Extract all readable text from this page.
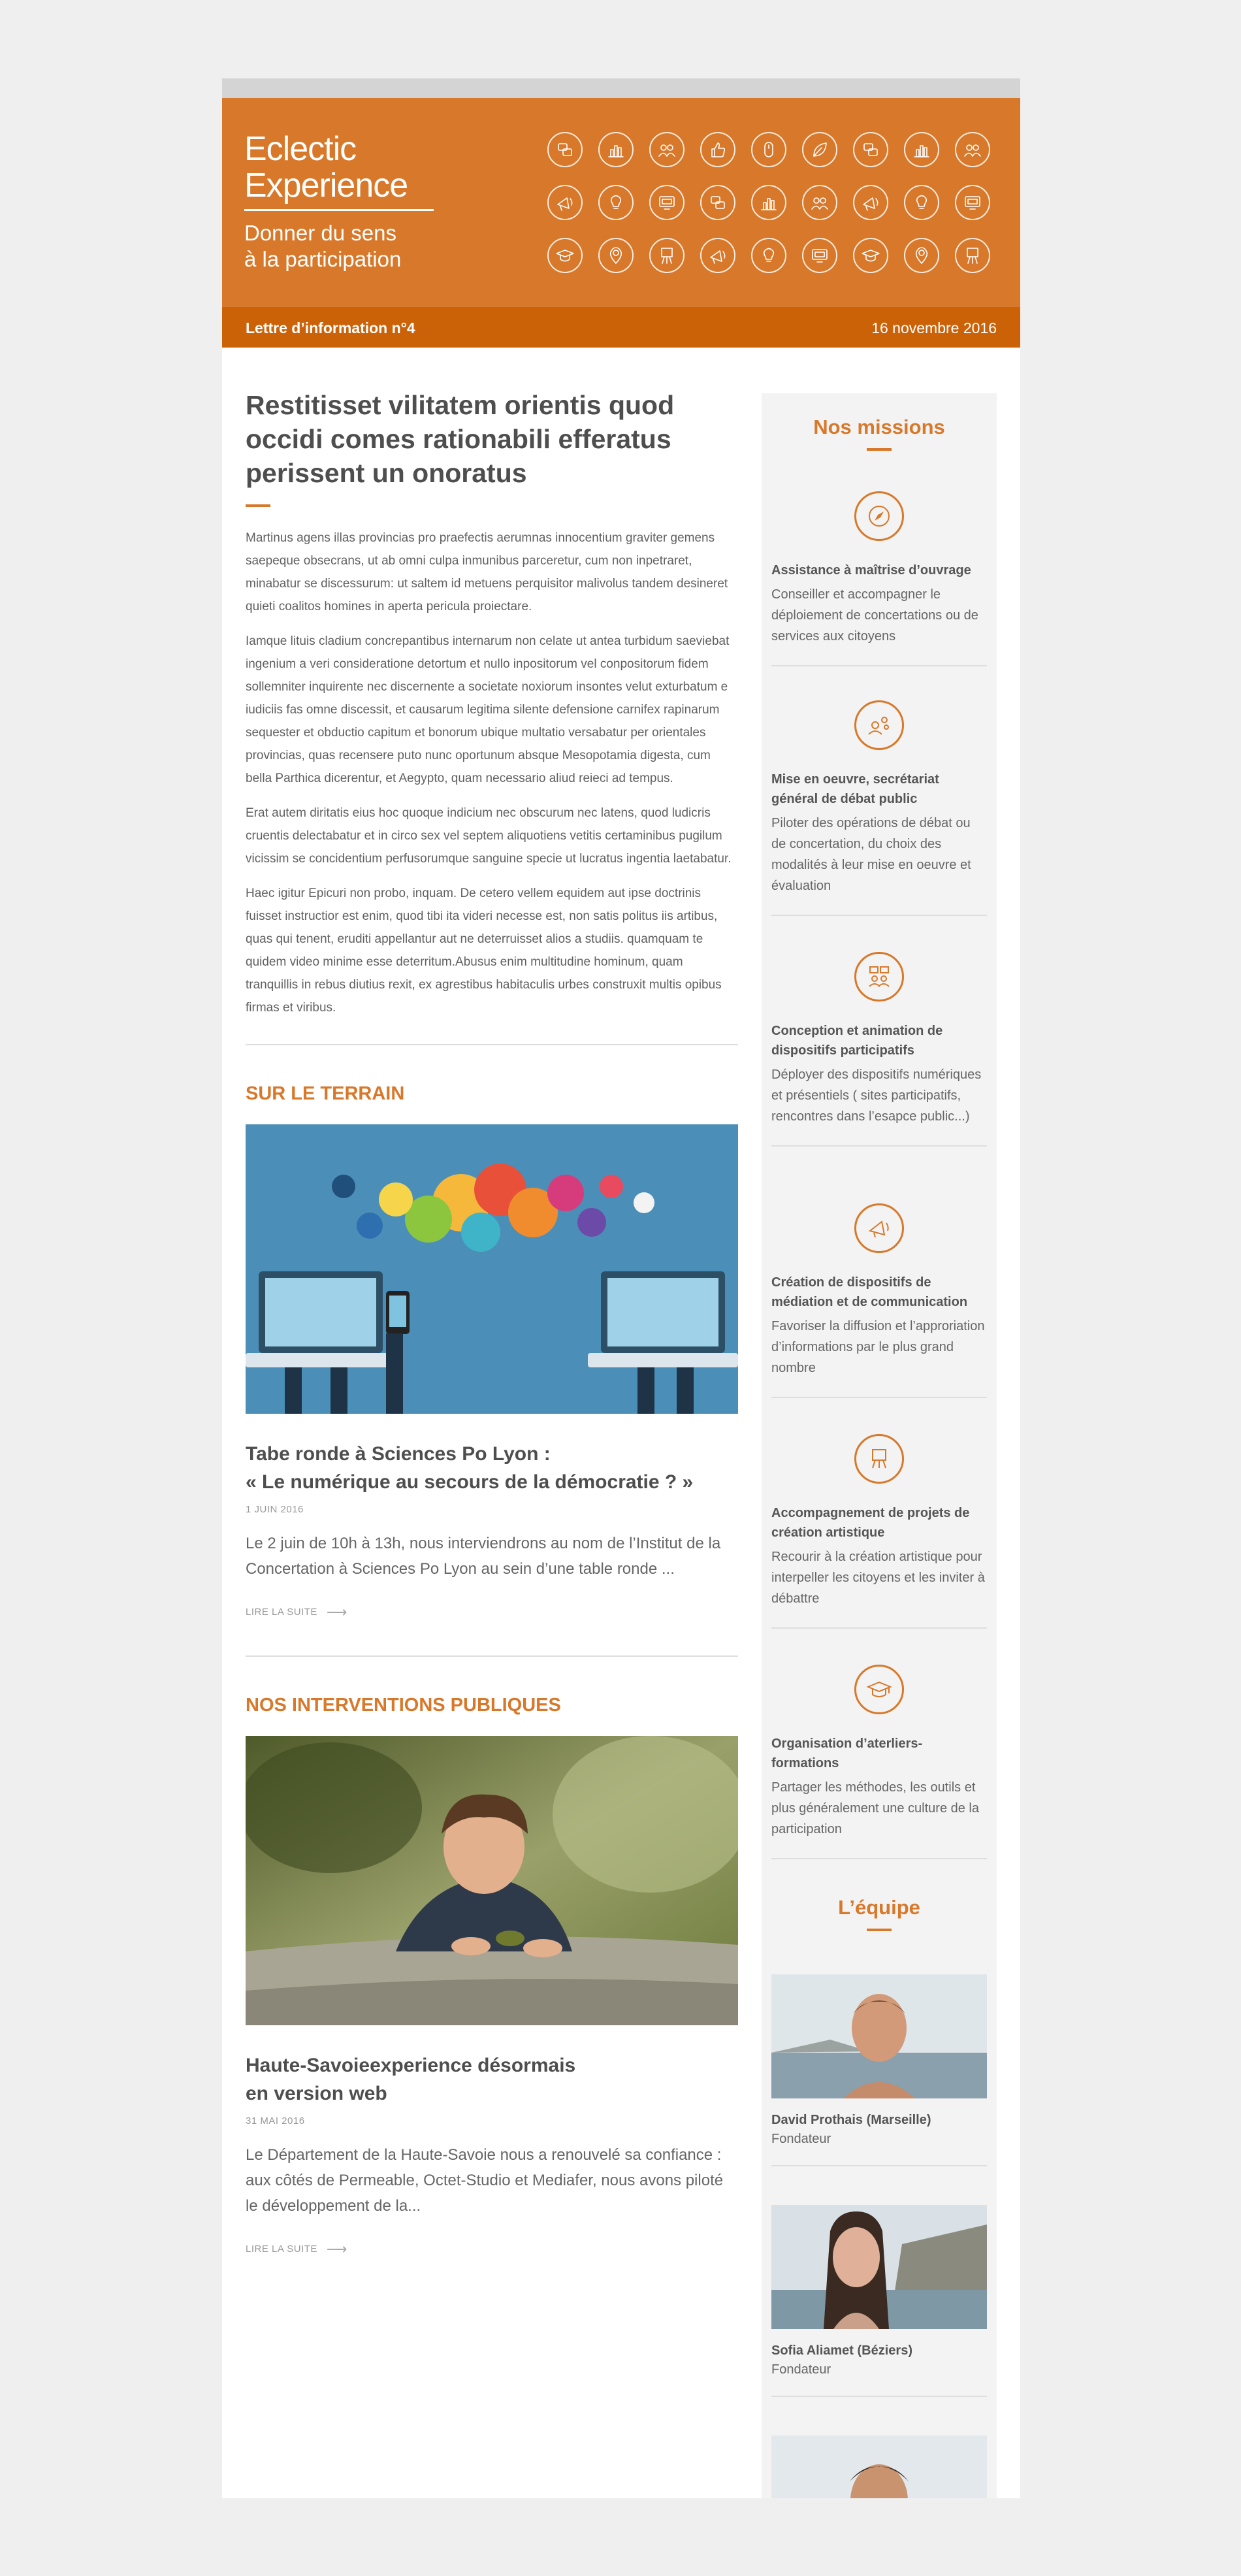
Eclectic
Experience
Donner du sens
à la participation
Lettre d’information n°4	16 novembre 2016
Restitisset vilitatem orientis quod occidi comes rationabili efferatus perissent un onoratus

Martinus agens illas provincias pro praefectis aerumnas innocentium graviter gemens saepeque obsecrans, ut ab omni culpa inmunibus parceretur, cum non inpetraret, minabatur se discessurum: ut saltem id metuens perquisitor malivolus tandem desineret quieti coalitos homines in aperta pericula proiectare.

Iamque lituis cladium concrepantibus internarum non celate ut antea turbidum saeviebat ingenium a veri consideratione detortum et nullo inpositorum vel conpositorum fidem sollemniter inquirente nec discernente a societate noxiorum insontes velut exturbatum e iudiciis fas omne discessit, et causarum legitima silente defensione carnifex rapinarum sequester et obductio capitum et bonorum ubique multatio versabatur per orientales provincias, quas recensere puto nunc oportunum absque Mesopotamia digesta, cum bella Parthica dicerentur, et Aegypto, quam necessario aliud reieci ad tempus.

Erat autem diritatis eius hoc quoque indicium nec obscurum nec latens, quod ludicris cruentis delectabatur et in circo sex vel septem aliquotiens vetitis certaminibus pugilum vicissim se concidentium perfusorumque sanguine specie ut lucratus ingentia laetabatur.

Haec igitur Epicuri non probo, inquam. De cetero vellem equidem aut ipse doctrinis fuisset instructior est enim, quod tibi ita videri necesse est, non satis politus iis artibus, quas qui tenent, eruditi appellantur aut ne deterruisset alios a studiis. quamquam te quidem video minime esse deterritum.Abusus enim multitudine hominum, quam tranquillis in rebus diutius rexit, ex agrestibus habitaculis urbes construxit multis opibus firmas et viribus.

SUR LE TERRAIN
Tabe ronde à Sciences Po Lyon :
« Le numérique au secours de la démocratie ? »
1 JUIN 2016
Le 2 juin de 10h à 13h, nous interviendrons au nom de l’Institut de la Concertation à Sciences Po Lyon au sein d’une table ronde ...
LIRE LA SUITE ⟶
NOS INTERVENTIONS PUBLIQUES
Haute-Savoieexperience désormais
en version web
31 MAI 2016
Le Département de la Haute-Savoie nous a renouvelé sa confiance : aux côtés de Permeable, Octet-Studio et Mediafer, nous avons piloté le développement de la...
LIRE LA SUITE ⟶
Nos missions
Assistance à maîtrise d’ouvrage
Conseiller et accompagner le déploiement de concertations ou de services aux citoyens
Mise en oeuvre, secrétariat général de débat public
Piloter des opérations de débat ou de concertation, du choix des modalités à leur mise en oeuvre et évaluation
Conception et animation de dispositifs participatifs
Déployer des dispositifs numériques et présentiels ( sites participatifs, rencontres dans l’esapce public...)
Création de dispositifs de médiation et de communication
Favoriser la diffusion et l’approriation d’informations par le plus grand nombre
Accompagnement de projets de création artistique
Recourir à la création artistique pour interpeller les citoyens et les inviter à débattre
Organisation d’aterliers-formations
Partager les méthodes, les outils et plus généralement une culture de la participation
L’équipe
David Prothais (Marseille)
Fondateur
Sofia Aliamet (Béziers)
Fondateur
